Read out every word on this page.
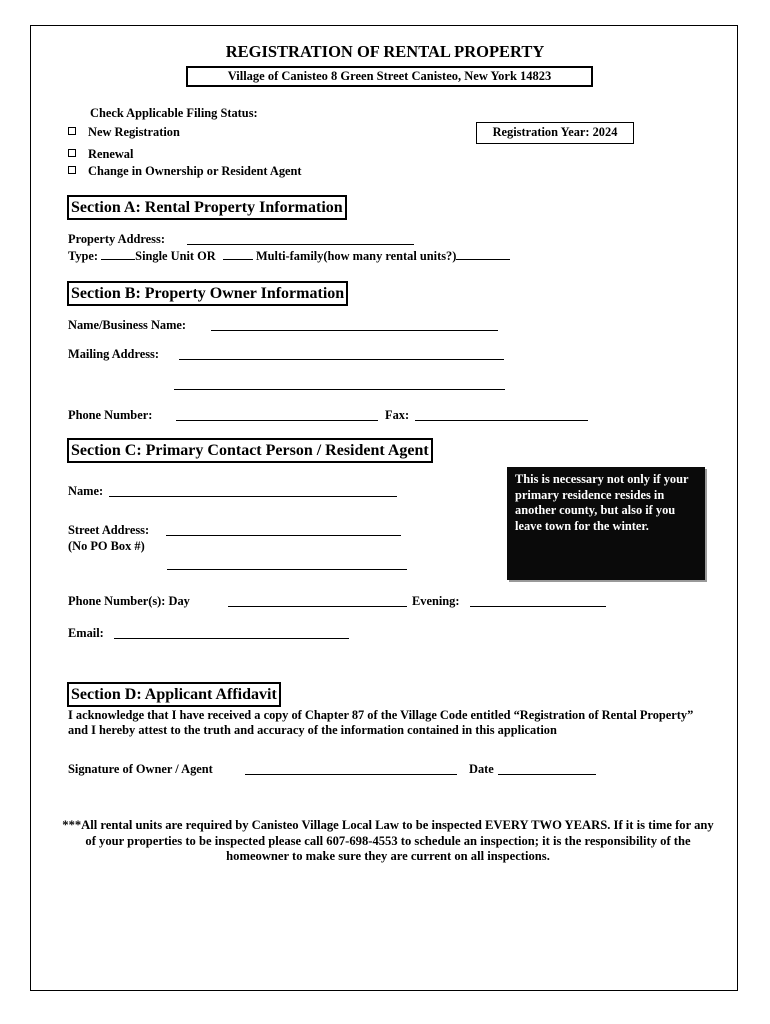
REGISTRATION OF RENTAL PROPERTY
Village of Canisteo 8 Green Street Canisteo, New York 14823
Check Applicable Filing Status:
New Registration
Renewal
Change in Ownership or Resident Agent
Registration Year: 2024
Section A: Rental Property Information
Property Address:
Type:	Single Unit OR	Multi-family(how many rental units?)
Section B: Property Owner Information
Name/Business Name:
Mailing Address:
Phone Number:	Fax:
Section C: Primary Contact Person / Resident Agent
Name:
Street Address:
(No PO Box #)
This is necessary not only if your primary residence resides in another county, but also if you leave town for the winter.
Phone Number(s): Day	Evening:
Email:
Section D: Applicant Affidavit
I acknowledge that I have received a copy of Chapter 87 of the Village Code entitled “Registration of Rental Property” and I hereby attest to the truth and accuracy of the information contained in this application
Signature of Owner / Agent	Date
***All rental units are required by Canisteo Village Local Law to be inspected EVERY TWO YEARS. If it is time for any of your properties to be inspected please call 607-698-4553 to schedule an inspection; it is the responsibility of the homeowner to make sure they are current on all inspections.
